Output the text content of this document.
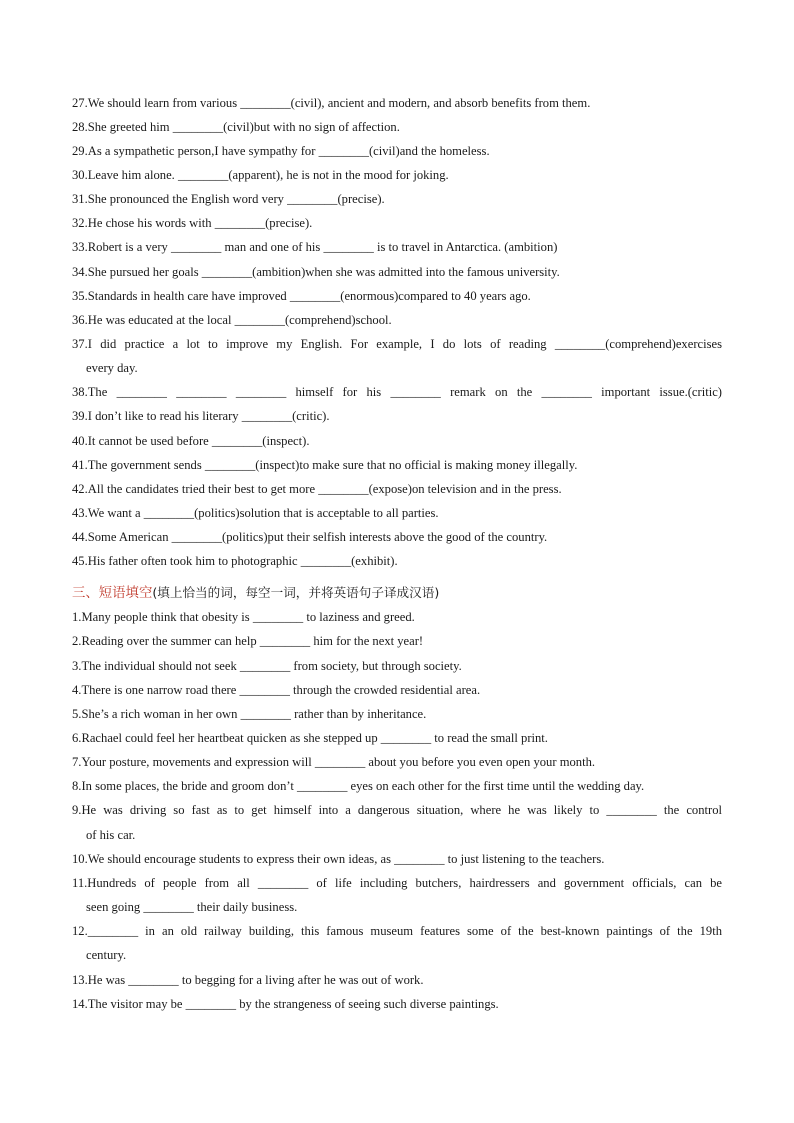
27.We should learn from various ________(civil), ancient and modern, and absorb benefits from them.
28.She greeted him ________(civil)but with no sign of affection.
29.As a sympathetic person,I have sympathy for ________(civil)and the homeless.
30.Leave him alone. ________(apparent), he is not in the mood for joking.
31.She pronounced the English word very ________(precise).
32.He chose his words with ________(precise).
33.Robert is a very ________ man and one of his ________ is to travel in Antarctica. (ambition)
34.She pursued her goals ________(ambition)when she was admitted into the famous university.
35.Standards in health care have improved ________(enormous)compared to 40 years ago.
36.He was educated at the local ________(comprehend)school.
37.I did practice a lot to improve my English. For example, I do lots of reading ________(comprehend)exercises
every day.
38.The ________ ________ ________ himself for his ________ remark on the ________ important issue.(critic)
39.I don’t like to read his literary ________(critic).
40.It cannot be used before ________(inspect).
41.The government sends ________(inspect)to make sure that no official is making money illegally.
42.All the candidates tried their best to get more ________(expose)on television and in the press.
43.We want a ________(politics)solution that is acceptable to all parties.
44.Some American ________(politics)put their selfish interests above the good of the country.
45.His father often took him to photographic ________(exhibit).
三、短语填空(填上恰当的词，每空一词，并将英语句子译成汉语)
1.Many people think that obesity is ________ to laziness and greed.
2.Reading over the summer can help ________ him for the next year!
3.The individual should not seek ________ from society, but through society.
4.There is one narrow road there ________ through the crowded residential area.
5.She’s a rich woman in her own ________ rather than by inheritance.
6.Rachael could feel her heartbeat quicken as she stepped up ________ to read the small print.
7.Your posture, movements and expression will ________ about you before you even open your month.
8.In some places, the bride and groom don’t ________ eyes on each other for the first time until the wedding day.
9.He was driving so fast as to get himself into a dangerous situation, where he was likely to ________ the control
of his car.
10.We should encourage students to express their own ideas, as ________ to just listening to the teachers.
11.Hundreds of people from all ________ of life including butchers, hairdressers and government officials, can be
seen going ________ their daily business.
12.________ in an old railway building, this famous museum features some of the best-known paintings of the 19th
century.
13.He was ________ to begging for a living after he was out of work.
14.The visitor may be ________ by the strangeness of seeing such diverse paintings.
